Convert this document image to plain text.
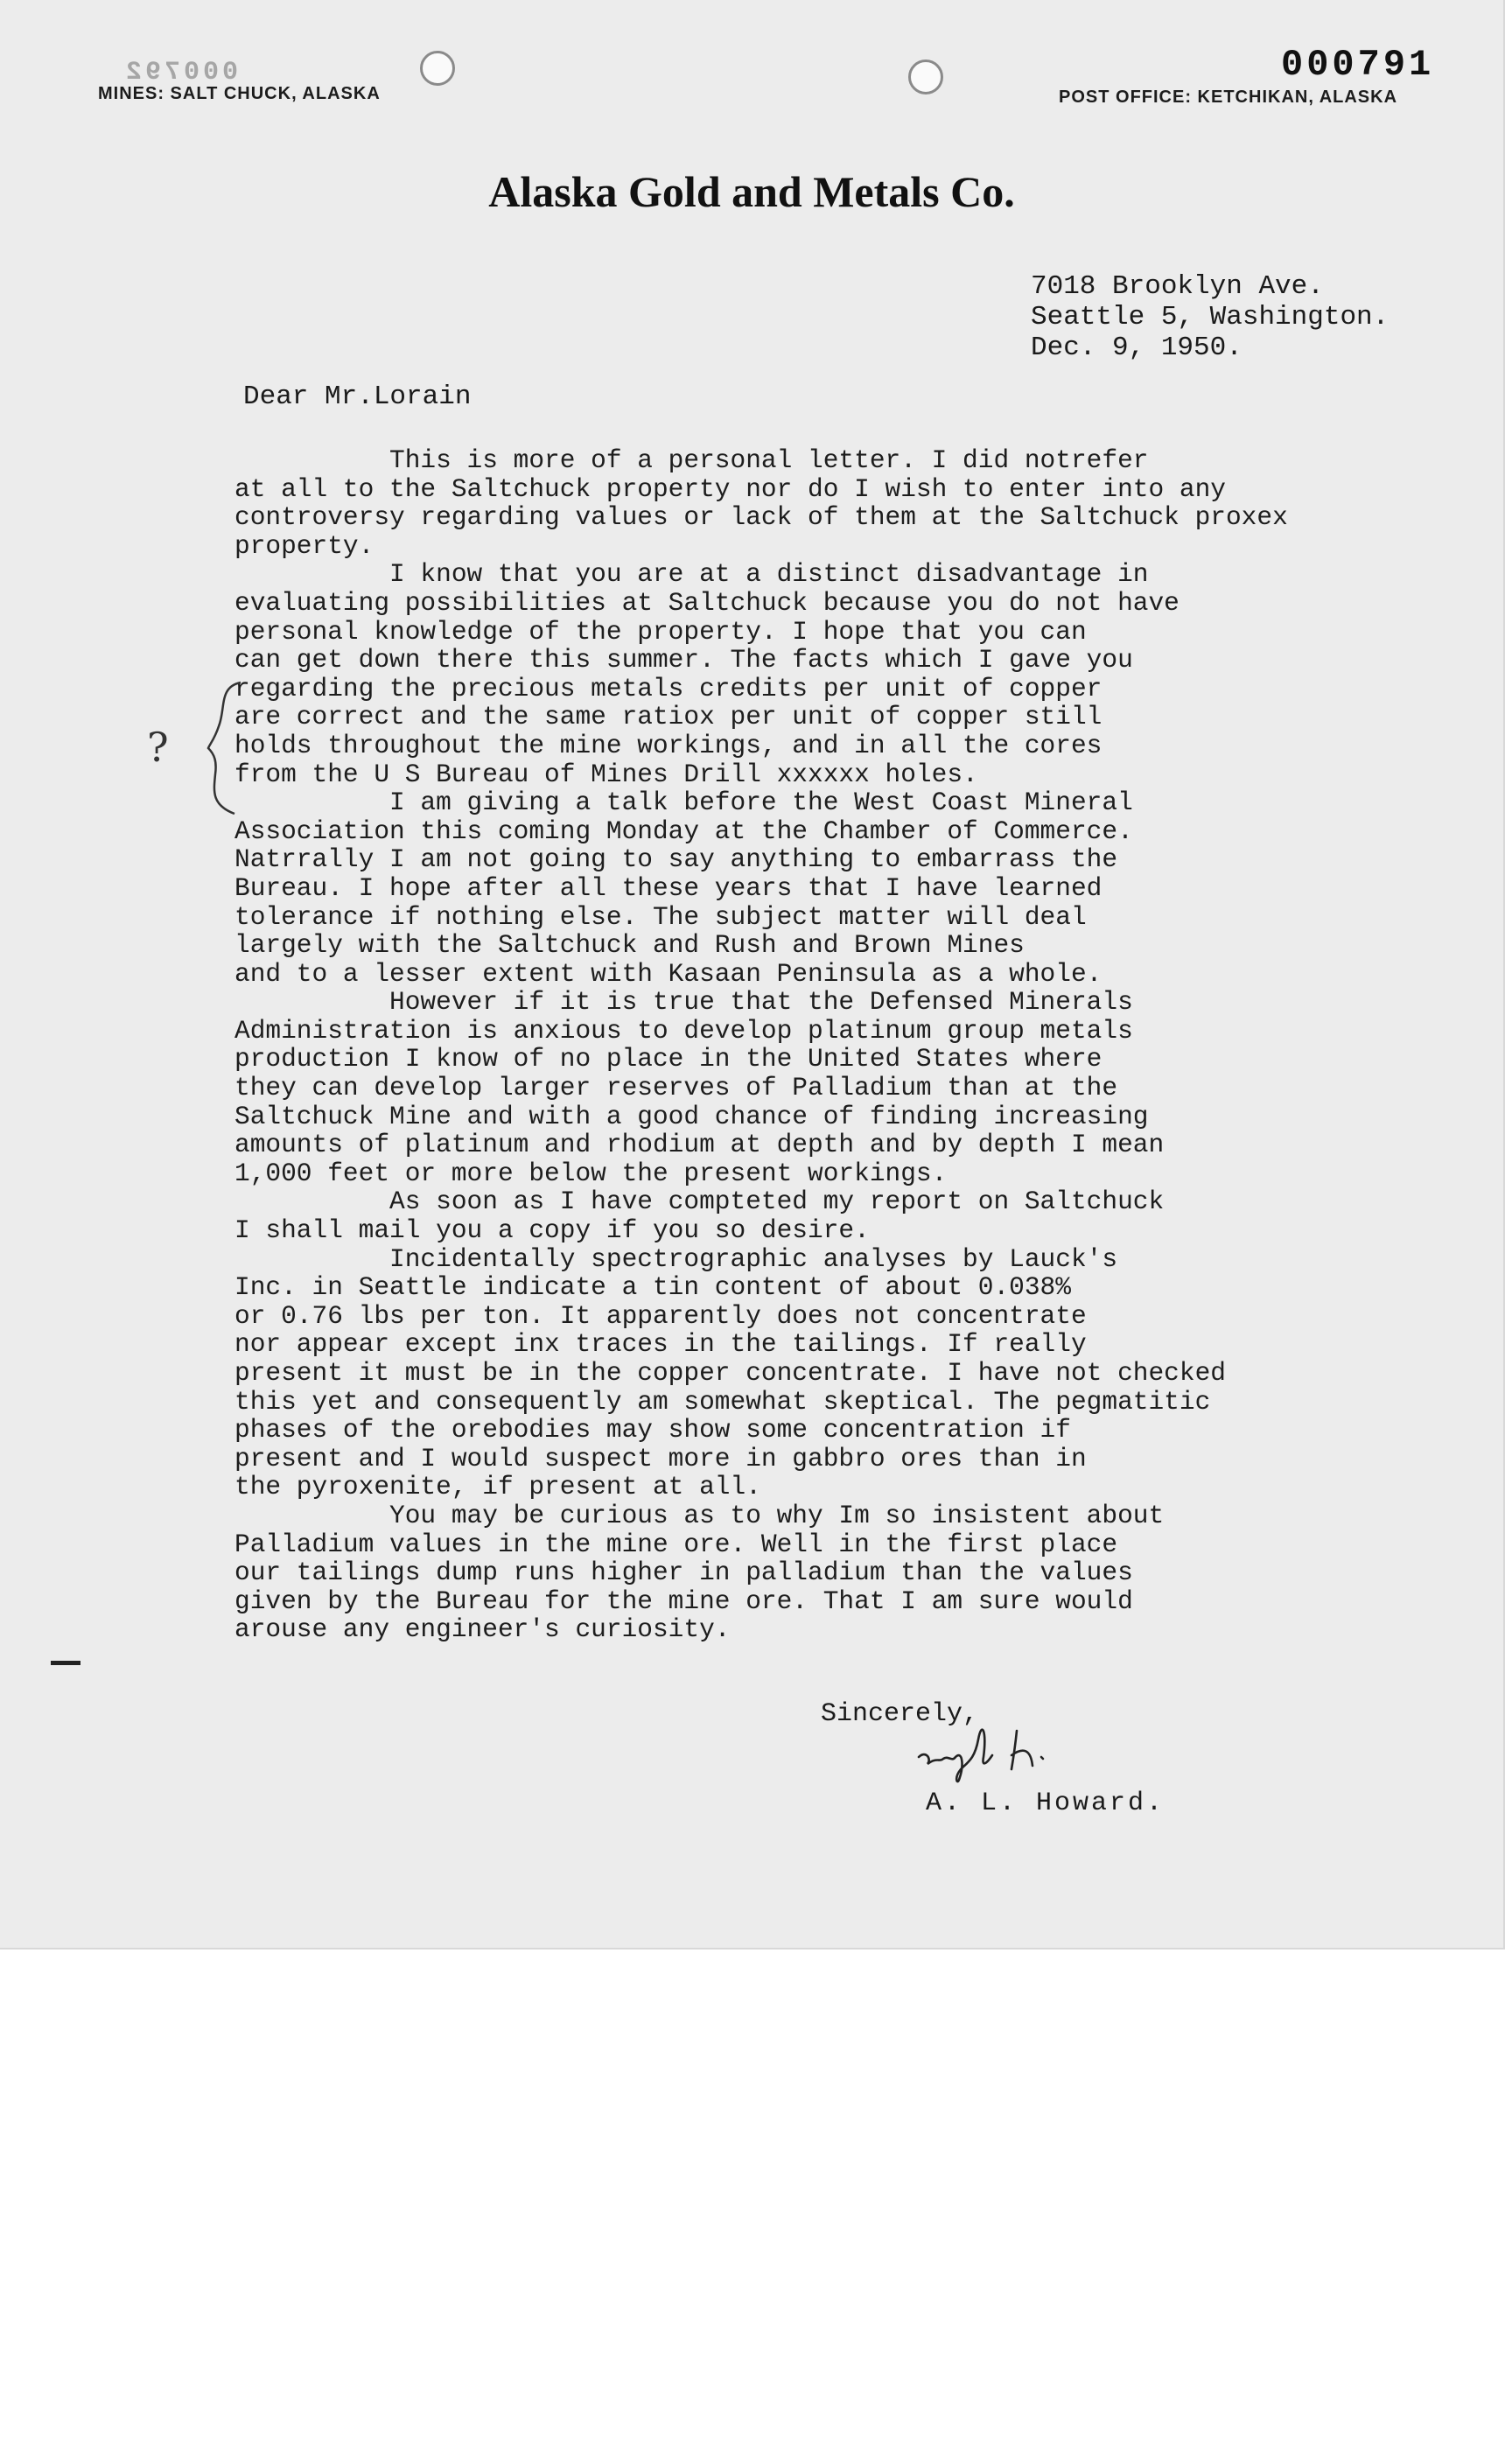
000792
MINES: SALT CHUCK, ALASKA	POST OFFICE: KETCHIKAN, ALASKA
000791
Alaska Gold and Metals Co.
7018 Brooklyn Ave.
Seattle 5, Washington.
Dec. 9, 1950.
Dear Mr.Lorain
This is more of a personal letter. I did notrefer
at all to the Saltchuck property nor do I wish to enter into any
controversy regarding values or lack of them at the Saltchuck proxex
property.
I know that you are at a distinct disadvantage in
evaluating possibilities at Saltchuck because you do not have
personal knowledge of the property. I hope that you can
can get down there this summer. The facts which I gave you
regarding the precious metals credits per unit of copper
are correct and the same ratiox per unit of copper still
holds throughout the mine workings, and in all the cores
from the U S Bureau of Mines Drill xxxxxx holes.
I am giving a talk before the West Coast Mineral
Association this coming Monday at the Chamber of Commerce.
Natrrally I am not going to say anything to embarrass the
Bureau. I hope after all these years that I have learned
tolerance if nothing else. The subject matter will deal
largely with the Saltchuck and Rush and Brown Mines
and to a lesser extent with Kasaan Peninsula as a whole.
However if it is true that the Defensed Minerals
Administration is anxious to develop platinum group metals
production I know of no place in the United States where
they can develop larger reserves of Palladium than at the
Saltchuck Mine and with a good chance of finding increasing
amounts of platinum and rhodium at depth and by depth I mean
1,000 feet or more below the present workings.
As soon as I have compteted my report on Saltchuck
I shall mail you a copy if you so desire.
Incidentally spectrographic analyses by Lauck's
Inc. in Seattle indicate a tin content of about 0.038%
or 0.76 lbs per ton. It apparently does not concentrate
nor appear except inx traces in the tailings. If really
present it must be in the copper concentrate. I have not checked
this yet and consequently am somewhat skeptical. The pegmatitic
phases of the orebodies may show some concentration if
present and I would suspect more in gabbro ores than in
the pyroxenite, if present at all.
You may be curious as to why Im so insistent about
Palladium values in the mine ore. Well in the first place
our tailings dump runs higher in palladium than the values
given by the Bureau for the mine ore. That I am sure would
arouse any engineer's curiosity.
?
Sincerely,
A. L. Howard.
